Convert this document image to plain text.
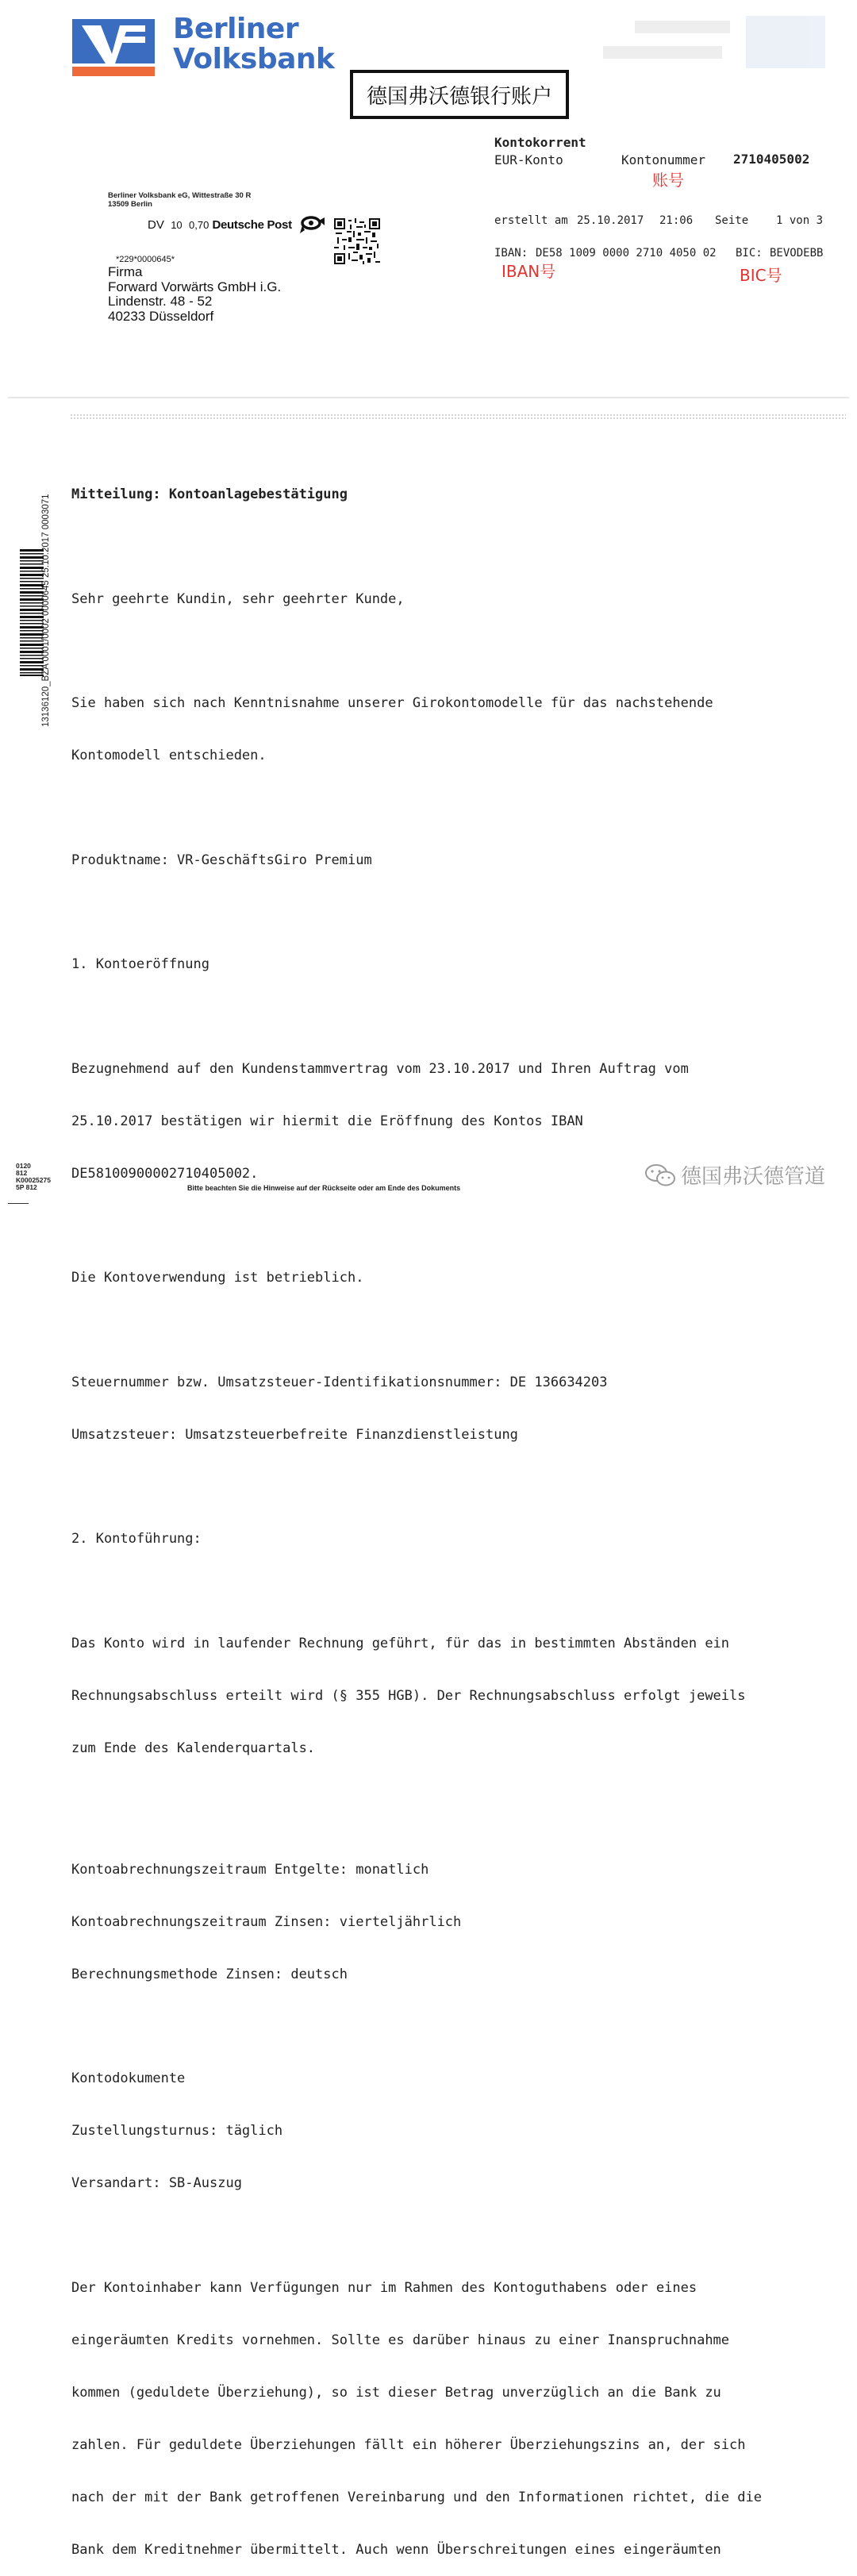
Berliner
Volksbank
德国弗沃德银行账户
Kontokorrent
EUR-Konto	Kontonummer 2710405002
账号
erstellt am 25.10.2017 21:06 Seite 1 von 3
IBAN: DE58 1009 0000 2710 4050 02 BIC: BEVODEBB
IBAN号	BIC号
Berliner Volksbank eG, Wittestraße 30 R
13509 Berlin
DV 10 0,70 Deutsche Post
*229*0000645*
Firma
Forward Vorwärts GmbH i.G.
Lindenstr. 48 - 52
40233 Düsseldorf
13136120_BZA 0001/0002 0000645 25.10.2017 0003071

Mitteilung: Kontoanlagebestätigung

Sehr geehrte Kundin, sehr geehrter Kunde,

Sie haben sich nach Kenntnisnahme unserer Girokontomodelle für das nachstehende

Kontomodell entschieden.

Produktname: VR-GeschäftsGiro Premium

1. Kontoeröffnung

Bezugnehmend auf den Kundenstammvertrag vom 23.10.2017 und Ihren Auftrag vom

25.10.2017 bestätigen wir hiermit die Eröffnung des Kontos IBAN

DE58100900002710405002.

Die Kontoverwendung ist betrieblich.

Steuernummer bzw. Umsatzsteuer-Identifikationsnummer: DE 136634203

Umsatzsteuer: Umsatzsteuerbefreite Finanzdienstleistung

2. Kontoführung:

Das Konto wird in laufender Rechnung geführt, für das in bestimmten Abständen ein

Rechnungsabschluss erteilt wird (§ 355 HGB). Der Rechnungsabschluss erfolgt jeweils

zum Ende des Kalenderquartals.

Kontoabrechnungszeitraum Entgelte: monatlich

Kontoabrechnungszeitraum Zinsen: vierteljährlich

Berechnungsmethode Zinsen: deutsch

Kontodokumente

Zustellungsturnus: täglich

Versandart: SB-Auszug

Der Kontoinhaber kann Verfügungen nur im Rahmen des Kontoguthabens oder eines

eingeräumten Kredits vornehmen. Sollte es darüber hinaus zu einer Inanspruchnahme

kommen (geduldete Überziehung), so ist dieser Betrag unverzüglich an die Bank zu

zahlen. Für geduldete Überziehungen fällt ein höherer Überziehungszins an, der sich

nach der mit der Bank getroffenen Vereinbarung und den Informationen richtet, die die

Bank dem Kreditnehmer übermittelt. Auch wenn Überschreitungen eines eingeräumten

0120
812
K00025275
5P 812	Bitte beachten Sie die Hinweise auf der Rückseite oder am Ende des Dokuments	德国弗沃德管道
